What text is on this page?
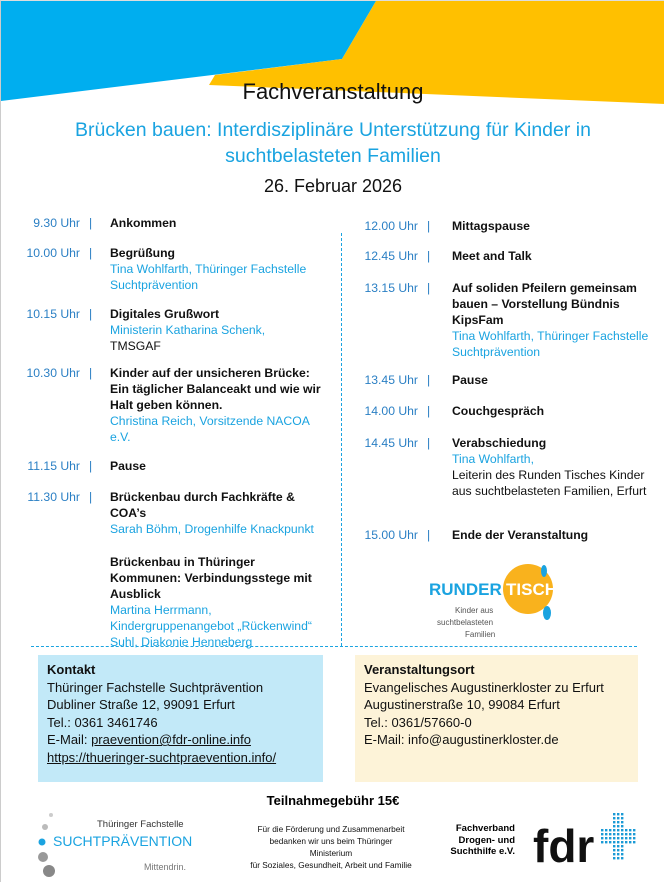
Fachveranstaltung
Brücken bauen: Interdisziplinäre Unterstützung für Kinder in suchtbelasteten Familien
26. Februar 2026
9.30 Uhr | Ankommen
10.00 Uhr | Begrüßung
Tina Wohlfarth, Thüringer Fachstelle Suchtprävention
10.15 Uhr | Digitales Grußwort
Ministerin Katharina Schenk,
TMSGAF
10.30 Uhr | Kinder auf der unsicheren Brücke: Ein täglicher Balanceakt und wie wir Halt geben können.
Christina Reich, Vorsitzende NACOA e.V.
11.15 Uhr | Pause
11.30 Uhr | Brückenbau durch Fachkräfte & COA’s
Sarah Böhm, Drogenhilfe Knackpunkt
Brückenbau in Thüringer Kommunen: Verbindungsstege mit Ausblick
Martina Herrmann, Kindergruppenangebot „Rückenwind“ Suhl, Diakonie Henneberg
12.00 Uhr | Mittagspause
12.45 Uhr | Meet and Talk
13.15 Uhr | Auf soliden Pfeilern gemeinsam bauen – Vorstellung Bündnis KipsFam
Tina Wohlfarth, Thüringer Fachstelle Suchtprävention
13.45 Uhr | Pause
14.00 Uhr | Couchgespräch
14.45 Uhr | Verabschiedung
Tina Wohlfarth,
Leiterin des Runden Tisches Kinder aus suchtbelasteten Familien, Erfurt
15.00 Uhr | Ende der Veranstaltung
RUNDER TISCH
Kinder aus
suchtbelasteten
Familien
Kontakt
Thüringer Fachstelle Suchtprävention
Dubliner Straße 12, 99091 Erfurt
Tel.: 0361 3461746
E-Mail: praevention@fdr-online.info
https://thueringer-suchtpraevention.info/
Veranstaltungsort
Evangelisches Augustinerkloster zu Erfurt
Augustinerstraße 10, 99084 Erfurt
Tel.: 0361/57660-0
E-Mail: info@augustinerkloster.de
Teilnahmegebühr 15€
Thüringer Fachstelle
SUCHTPRÄVENTION
Mittendrin.
Für die Förderung und Zusammenarbeit
bedanken wir uns beim Thüringer
Ministerium
für Soziales, Gesundheit, Arbeit und Familie
Fachverband Drogen- und Suchthilfe e.V. fdr
